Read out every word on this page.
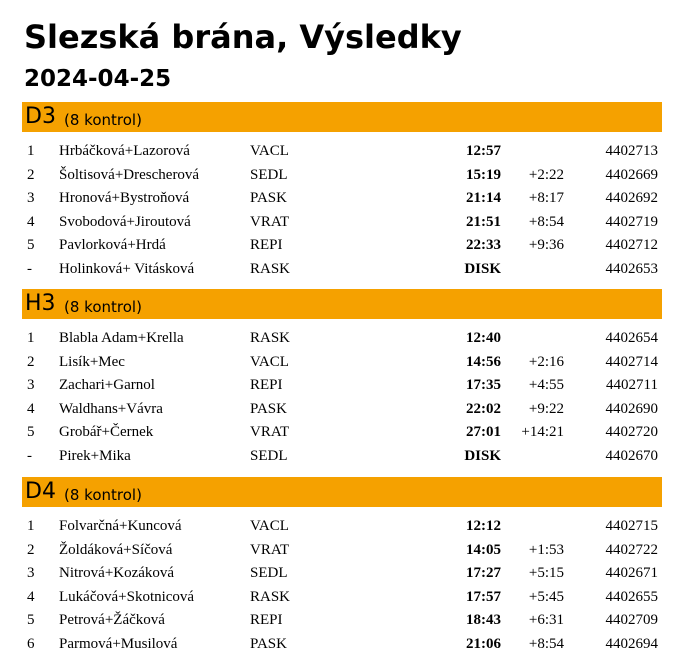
Slezská brána, Výsledky
2024-04-25
D3 (8 kontrol)
1 Hrbáčková+Lazorová	VACL	12:57	4402713
2 Šoltisová+Drescherová	SEDL	15:19 +2:22	4402669
3 Hronová+Bystroňová	PASK	21:14 +8:17	4402692
4 Svobodová+Jiroutová	VRAT	21:51 +8:54	4402719
5 Pavlorková+Hrdá	REPI	22:33 +9:36	4402712
- Holinková+ Vitásková	RASK	DISK	4402653
H3 (8 kontrol)
1 Blabla Adam+Krella	RASK	12:40	4402654
2 Lisík+Mec	VACL	14:56 +2:16	4402714
3 Zachari+Garnol	REPI	17:35 +4:55	4402711
4 Waldhans+Vávra	PASK	22:02 +9:22	4402690
5 Grobář+Černek	VRAT	27:01 +14:21	4402720
- Pirek+Mika	SEDL	DISK	4402670
D4 (8 kontrol)
1 Folvarčná+Kuncová	VACL	12:12	4402715
2 Žoldáková+Síčová	VRAT	14:05 +1:53	4402722
3 Nitrová+Kozáková	SEDL	17:27 +5:15	4402671
4 Lukáčová+Skotnicová	RASK	17:57 +5:45	4402655
5 Petrová+Žáčková	REPI	18:43 +6:31	4402709
6 Parmová+Musilová	PASK	21:06 +8:54	4402694
